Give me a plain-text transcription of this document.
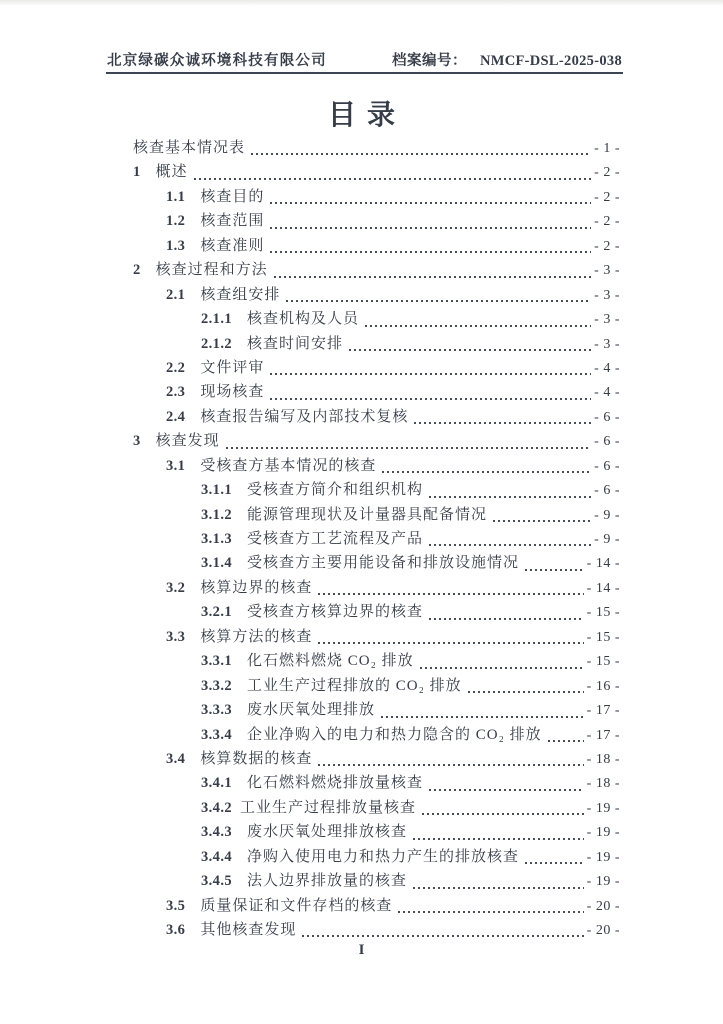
北京绿碳众诚环境科技有限公司	档案编号： NMCF-DSL-2025-038
目录
核查基本情况表	- 1 -
1 概述	- 2 -
1.1 核查目的	- 2 -
1.2 核查范围	- 2 -
1.3 核查准则	- 2 -
2 核查过程和方法	- 3 -
2.1 核查组安排	- 3 -
2.1.1 核查机构及人员	- 3 -
2.1.2 核查时间安排	- 3 -
2.2 文件评审	- 4 -
2.3 现场核查	- 4 -
2.4 核查报告编写及内部技术复核	- 6 -
3 核查发现	- 6 -
3.1 受核查方基本情况的核查	- 6 -
3.1.1 受核查方简介和组织机构	- 6 -
3.1.2 能源管理现状及计量器具配备情况	- 9 -
3.1.3 受核查方工艺流程及产品	- 9 -
3.1.4 受核查方主要用能设备和排放设施情况	- 14 -
3.2 核算边界的核查	- 14 -
3.2.1 受核查方核算边界的核查	- 15 -
3.3 核算方法的核查	- 15 -
3.3.1 化石燃料燃烧 CO₂ 排放	- 15 -
3.3.2 工业生产过程排放的 CO₂ 排放	- 16 -
3.3.3 废水厌氧处理排放	- 17 -
3.3.4 企业净购入的电力和热力隐含的 CO₂ 排放	- 17 -
3.4 核算数据的核查	- 18 -
3.4.1 化石燃料燃烧排放量核查	- 18 -
3.4.2 工业生产过程排放量核查	- 19 -
3.4.3 废水厌氧处理排放核查	- 19 -
3.4.4 净购入使用电力和热力产生的排放核查	- 19 -
3.4.5 法人边界排放量的核查	- 19 -
3.5 质量保证和文件存档的核查	- 20 -
3.6 其他核查发现	- 20 -
I
